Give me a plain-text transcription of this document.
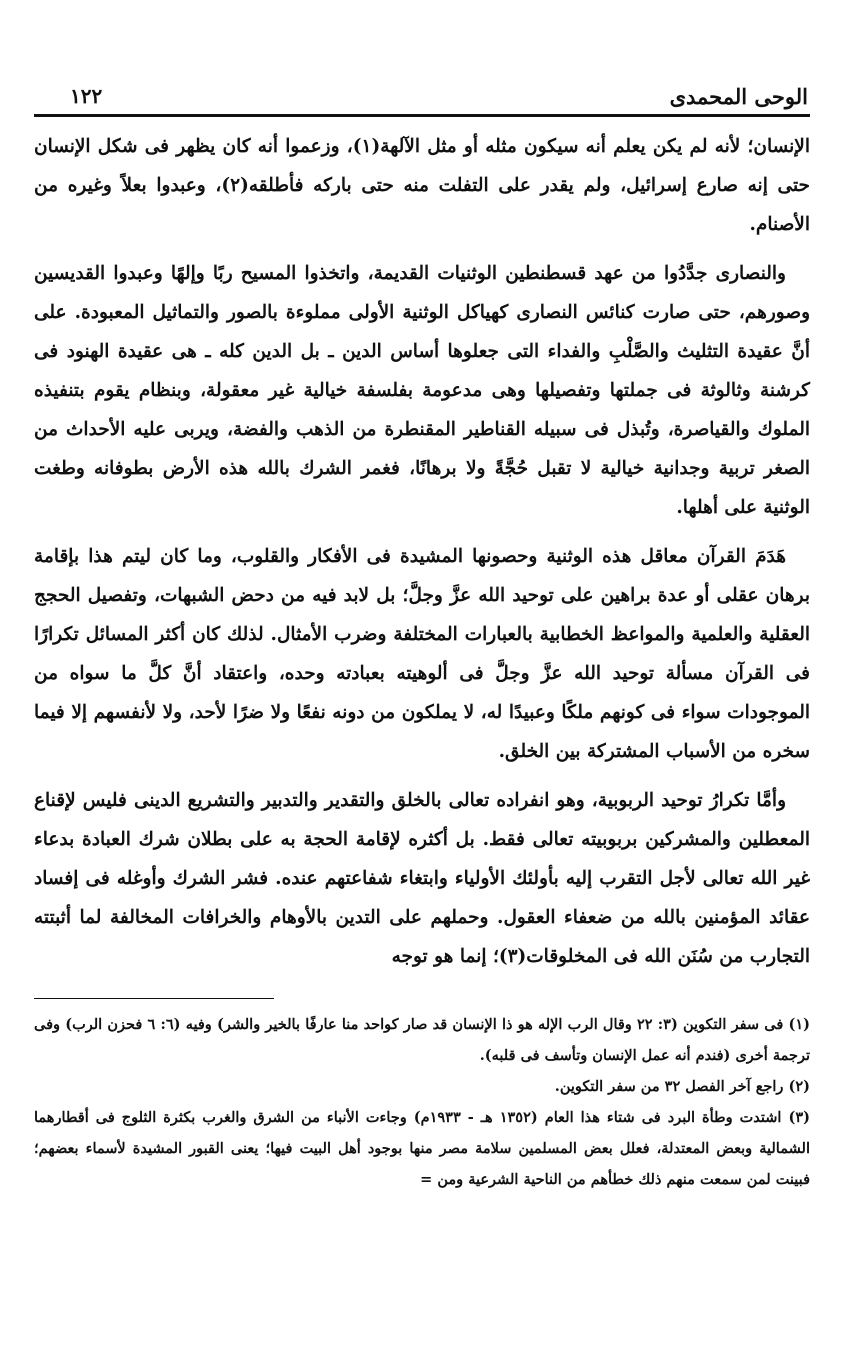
الوحى المحمدى
١٢٢

الإنسان؛ لأنه لم يكن يعلم أنه سيكون مثله أو مثل الآلهة(١)، وزعموا أنه كان يظهر فى شكل الإنسان حتى إنه صارع إسرائيل، ولم يقدر على التفلت منه حتى باركه فأطلقه(٢)، وعبدوا بعلاً وغيره من الأصنام.

والنصارى جدَّدُوا من عهد قسطنطين الوثنيات القديمة، واتخذوا المسيح ربًا وإلهًا وعبدوا القديسين وصورهم، حتى صارت كنائس النصارى كهياكل الوثنية الأولى مملوءة بالصور والتماثيل المعبودة. على أنَّ عقيدة التثليث والصَّلْبِ والفداء التى جعلوها أساس الدين ـ بل الدين كله ـ هى عقيدة الهنود فى كرشنة وثالوثة فى جملتها وتفصيلها وهى مدعومة بفلسفة خيالية غير معقولة، وبنظام يقوم بتنفيذه الملوك والقياصرة، وتُبذل فى سبيله القناطير المقنطرة من الذهب والفضة، ويربى عليه الأحداث من الصغر تربية وجدانية خيالية لا تقبل حُجَّةً ولا برهانًا، فغمر الشرك بالله هذه الأرض بطوفانه وطغت الوثنية على أهلها.

هَدَمَ القرآن معاقل هذه الوثنية وحصونها المشيدة فى الأفكار والقلوب، وما كان ليتم هذا بإقامة برهان عقلى أو عدة براهين على توحيد الله عزَّ وجلَّ؛ بل لابد فيه من دحض الشبهات، وتفصيل الحجج العقلية والعلمية والمواعظ الخطابية بالعبارات المختلفة وضرب الأمثال. لذلك كان أكثر المسائل تكرارًا فى القرآن مسألة توحيد الله عزَّ وجلَّ فى ألوهيته بعبادته وحده، واعتقاد أنَّ كلَّ ما سواه من الموجودات سواء فى كونهم ملكًا وعبيدًا له، لا يملكون من دونه نفعًا ولا ضرًا لأحد، ولا لأنفسهم إلا فيما سخره من الأسباب المشتركة بين الخلق.

وأمَّا تكرارُ توحيد الربوبية، وهو انفراده تعالى بالخلق والتقدير والتدبير والتشريع الدينى فليس لإقناع المعطلين والمشركين بربوبيته تعالى فقط. بل أكثره لإقامة الحجة به على بطلان شرك العبادة بدعاء غير الله تعالى لأجل التقرب إليه بأولئك الأولياء وابتغاء شفاعتهم عنده. فشر الشرك وأوغله فى إفساد عقائد المؤمنين بالله من ضعفاء العقول. وحملهم على التدين بالأوهام والخرافات المخالفة لما أثبتته التجارب من سُنَن الله فى المخلوقات(٣)؛ إنما هو توجه

(١) فى سفر التكوين (٣: ٢٢ وقال الرب الإله هو ذا الإنسان قد صار كواحد منا عارفًا بالخير والشر) وفيه (٦: ٦ فحزن الرب) وفى ترجمة أخرى (فندم أنه عمل الإنسان وتأسف فى قلبه).

(٢) راجع آخر الفصل ٣٢ من سفر التكوين.

(٣) اشتدت وطأة البرد فى شتاء هذا العام (١٣٥٢ هـ - ١٩٣٣م) وجاءت الأنباء من الشرق والغرب بكثرة الثلوج فى أقطارهما الشمالية وبعض المعتدلة، فعلل بعض المسلمين سلامة مصر منها بوجود أهل البيت فيها؛ يعنى القبور المشيدة لأسماء بعضهم؛ فبينت لمن سمعت منهم ذلك خطأهم من الناحية الشرعية ومن =
